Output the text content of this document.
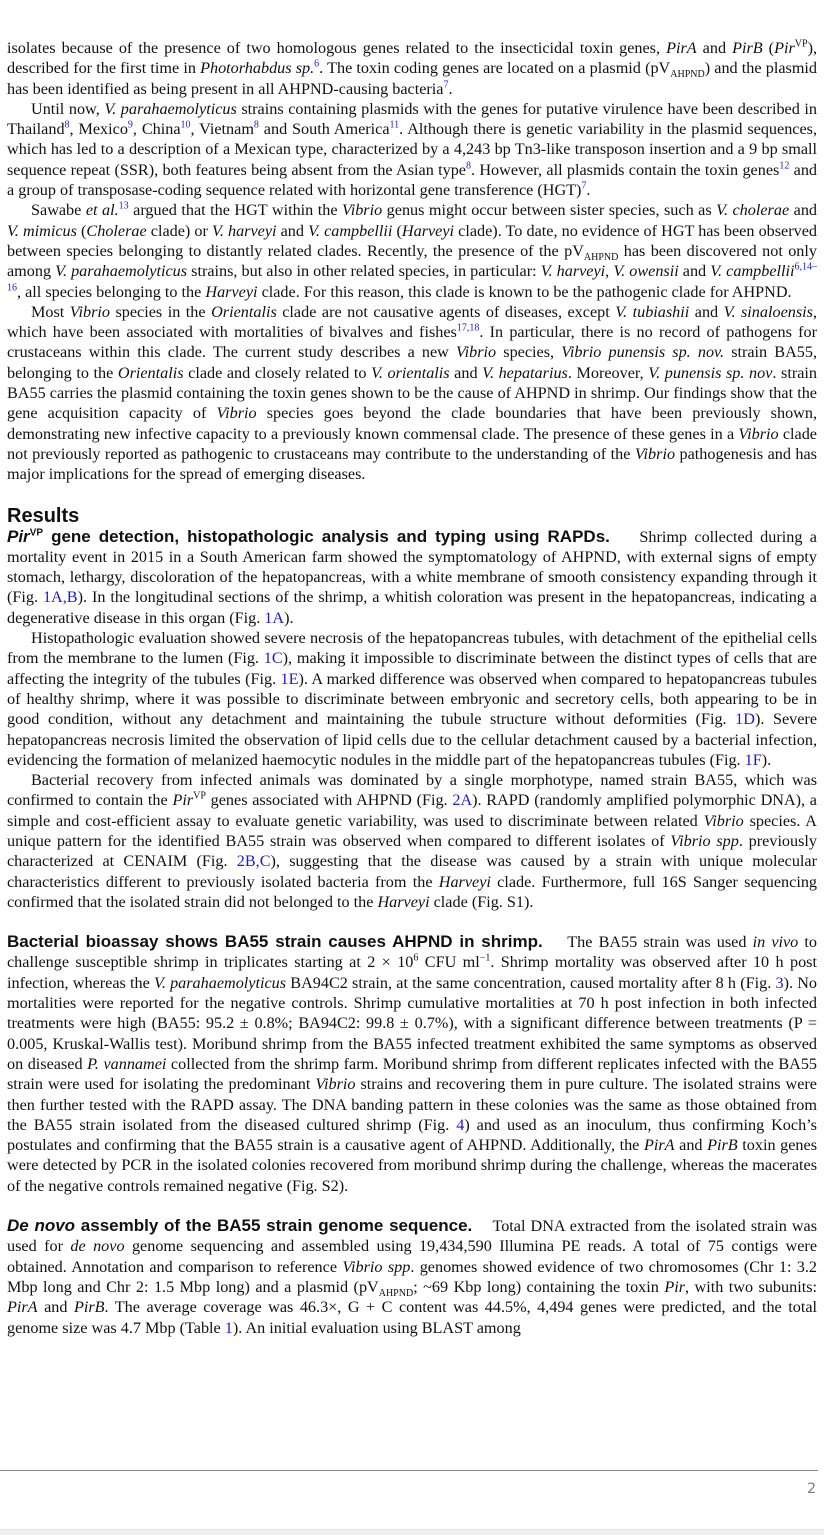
isolates because of the presence of two homologous genes related to the insecticidal toxin genes, PirA and PirB (Pir$^{VP}$), described for the first time in Photorhabdus sp.$^6$. The toxin coding genes are located on a plasmid $(pV_{AHPND})$ and the plasmid has been identified as being present in all AHPND-causing bacteria$^7$.

Until now, V. parahaemolyticus strains containing plasmids with the genes for putative virulence have been described in Thailand$^8$, Mexico$^9$, China$^{10}$, Vietnam$^8$ and South America$^{11}$. Although there is genetic variability in the plasmid sequences, which has led to a description of a Mexican type, characterized by a 4,243 bp Tn3-like transposon insertion and a 9 bp small sequence repeat (SSR), both features being absent from the Asian type$^8$. However, all plasmids contain the toxin genes$^{12}$ and a group of transposase-coding sequence related with horizontal gene transference (HGT)$^7$.

Sawabe et al.$^{13}$ argued that the HGT within the Vibrio genus might occur between sister species, such as V. cholerae and V. mimicus (Cholerae clade) or V. harveyi and V. campbellii (Harveyi clade). To date, no evidence of HGT has been observed between species belonging to distantly related clades. Recently, the presence of the $pV_{AHPND}$ has been discovered not only among V. parahaemolyticus strains, but also in other related species, in particular: V. harveyi, V. owensii and V. campbellii$^{6,14-16}$, all species belonging to the Harveyi clade. For this reason, this clade is known to be the pathogenic clade for AHPND.

Most Vibrio species in the Orientalis clade are not causative agents of diseases, except V. tubiashii and V. sinaloensis, which have been associated with mortalities of bivalves and fishes$^{17,18}$. In particular, there is no record of pathogens for crustaceans within this clade. The current study describes a new Vibrio species, Vibrio punensis sp. nov. strain BA55, belonging to the Orientalis clade and closely related to V. orientalis and V. hepatarius. Moreover, V. punensis sp. nov. strain BA55 carries the plasmid containing the toxin genes shown to be the cause of AHPND in shrimp. Our findings show that the gene acquisition capacity of Vibrio species goes beyond the clade boundaries that have been previously shown, demonstrating new infective capacity to a previously known commensal clade. The presence of these genes in a Vibrio clade not previously reported as pathogenic to crustaceans may contribute to the understanding of the Vibrio pathogenesis and has major implications for the spread of emerging diseases.

Results

Pir$^{VP}$ gene detection, histopathologic analysis and typing using RAPDs. Shrimp collected during a mortality event in 2015 in a South American farm showed the symptomatology of AHPND, with external signs of empty stomach, lethargy, discoloration of the hepatopancreas, with a white membrane of smooth consistency expanding through it (Fig. 1A,B). In the longitudinal sections of the shrimp, a whitish coloration was present in the hepatopancreas, indicating a degenerative disease in this organ (Fig. 1A).

Histopathologic evaluation showed severe necrosis of the hepatopancreas tubules, with detachment of the epithelial cells from the membrane to the lumen (Fig. 1C), making it impossible to discriminate between the distinct types of cells that are affecting the integrity of the tubules (Fig. 1E). A marked difference was observed when compared to hepatopancreas tubules of healthy shrimp, where it was possible to discriminate between embryonic and secretory cells, both appearing to be in good condition, without any detachment and maintaining the tubule structure without deformities (Fig. 1D). Severe hepatopancreas necrosis limited the observation of lipid cells due to the cellular detachment caused by a bacterial infection, evidencing the formation of melanized haemocytic nodules in the middle part of the hepatopancreas tubules (Fig. 1F).

Bacterial recovery from infected animals was dominated by a single morphotype, named strain BA55, which was confirmed to contain the Pir$^{VP}$ genes associated with AHPND (Fig. 2A). RAPD (randomly amplified polymorphic DNA), a simple and cost-efficient assay to evaluate genetic variability, was used to discriminate between related Vibrio species. A unique pattern for the identified BA55 strain was observed when compared to different isolates of Vibrio spp. previously characterized at CENAIM (Fig. 2B,C), suggesting that the disease was caused by a strain with unique molecular characteristics different to previously isolated bacteria from the Harveyi clade. Furthermore, full 16S Sanger sequencing confirmed that the isolated strain did not belonged to the Harveyi clade (Fig. S1).

Bacterial bioassay shows BA55 strain causes AHPND in shrimp. The BA55 strain was used in vivo to challenge susceptible shrimp in triplicates starting at $2 \times 10^6$ CFU $ml^{-1}$. Shrimp mortality was observed after 10 h post infection, whereas the V. parahaemolyticus BA94C2 strain, at the same concentration, caused mortality after 8 h (Fig. 3). No mortalities were reported for the negative controls. Shrimp cumulative mortalities at 70 h post infection in both infected treatments were high (BA55: 95.2 ± 0.8%; BA94C2: 99.8 ± 0.7%), with a significant difference between treatments (P = 0.005, Kruskal-Wallis test). Moribund shrimp from the BA55 infected treatment exhibited the same symptoms as observed on diseased P. vannamei collected from the shrimp farm. Moribund shrimp from different replicates infected with the BA55 strain were used for isolating the predominant Vibrio strains and recovering them in pure culture. The isolated strains were then further tested with the RAPD assay. The DNA banding pattern in these colonies was the same as those obtained from the BA55 strain isolated from the diseased cultured shrimp (Fig. 4) and used as an inoculum, thus confirming Koch’s postulates and confirming that the BA55 strain is a causative agent of AHPND. Additionally, the PirA and PirB toxin genes were detected by PCR in the isolated colonies recovered from moribund shrimp during the challenge, whereas the macerates of the negative controls remained negative (Fig. S2).

De novo assembly of the BA55 strain genome sequence. Total DNA extracted from the isolated strain was used for de novo genome sequencing and assembled using 19,434,590 Illumina PE reads. A total of 75 contigs were obtained. Annotation and comparison to reference Vibrio spp. genomes showed evidence of two chromosomes (Chr 1: 3.2 Mbp long and Chr 2: 1.5 Mbp long) and a plasmid ($pV_{AHPND}$; ~69 Kbp long) containing the toxin Pir, with two subunits: PirA and PirB. The average coverage was 46.3×, G + C content was 44.5%, 4,494 genes were predicted, and the total genome size was 4.7 Mbp (Table 1). An initial evaluation using BLAST among

2
